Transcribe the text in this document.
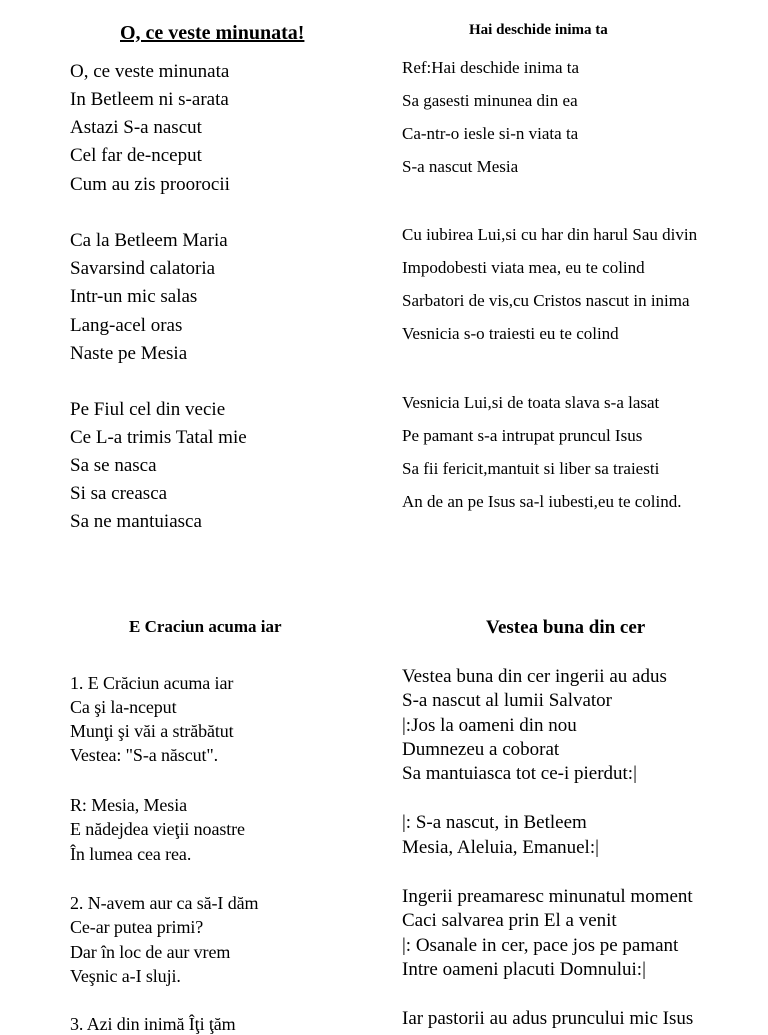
O, ce veste minunata!
O, ce veste minunata
In Betleem ni s-arata
Astazi S-a nascut
Cel far de-nceput
Cum au zis proorocii
Ca la Betleem Maria
Savarsind calatoria
Intr-un mic salas
Lang-acel oras
Naste pe Mesia
Pe Fiul cel din vecie
Ce L-a trimis Tatal mie
Sa se nasca
Si sa creasca
Sa ne mantuiasca
Hai deschide inima ta
Ref:Hai deschide inima ta
Sa gasesti minunea din ea
Ca-ntr-o iesle si-n viata ta
S-a nascut Mesia
Cu iubirea Lui,si cu har din harul Sau divin
Impodobesti viata mea, eu te colind
Sarbatori de vis,cu Cristos nascut in inima
Vesnicia s-o traiesti eu te colind
Vesnicia Lui,si de toata slava s-a lasat
Pe pamant s-a intrupat pruncul Isus
Sa fii fericit,mantuit si liber sa traiesti
An de an pe Isus sa-l iubesti,eu te colind.
E Craciun acuma iar
1. E Crăciun acuma iar
Ca şi la-nceput
Munţi şi văi a străbătut
Vestea: "S-a născut".
R: Mesia, Mesia
E nădejdea vieţii noastre
În lumea cea rea.
2. N-avem aur ca să-I dăm
Ce-ar putea primi?
Dar în loc de aur vrem
Veşnic a-I sluji.
3. Azi din inimă Îţi ţăm
Vestea buna din cer
Vestea buna din cer ingerii au adus
S-a nascut al lumii Salvator
|:Jos la oameni din nou
Dumnezeu a coborat
Sa mantuiasca tot ce-i pierdut:|
|: S-a nascut, in Betleem
Mesia, Aleluia, Emanuel:|
Ingerii preamaresc minunatul moment
Caci salvarea prin El a venit
|: Osanale in cer, pace jos pe pamant
Intre oameni placuti Domnului:|
Iar pastorii au adus pruncului mic Isus
